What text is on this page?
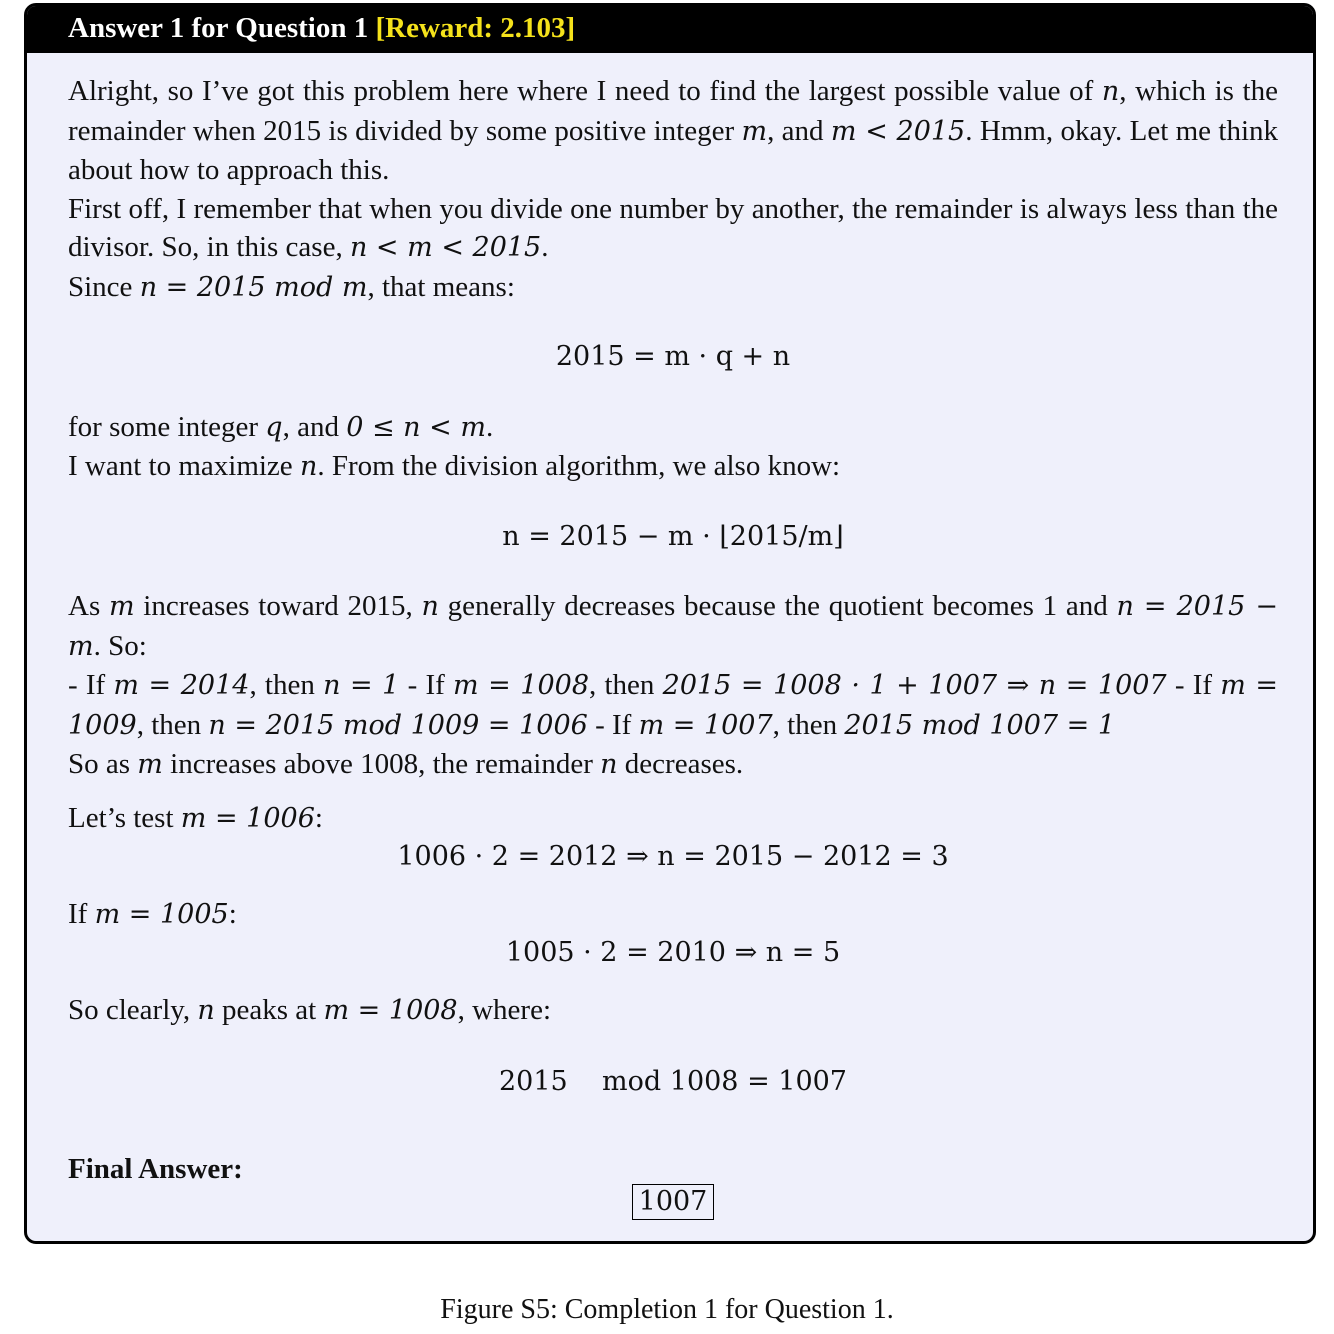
Answer 1 for Question 1 [Reward: 2.103]
Alright, so I’ve got this problem here where I need to find the largest possible value of n, which is the remainder when 2015 is divided by some positive integer m, and m < 2015. Hmm, okay. Let me think about how to approach this.
First off, I remember that when you divide one number by another, the remainder is always less than the divisor. So, in this case, n < m < 2015.
Since n = 2015 mod m, that means:
2015 = m · q + n
for some integer q, and 0 ≤ n < m.
I want to maximize n. From the division algorithm, we also know:
n = 2015 − m · ⌊2015/m⌋
As m increases toward 2015, n generally decreases because the quotient becomes 1 and n = 2015 − m. So:
- If m = 2014, then n = 1 - If m = 1008, then 2015 = 1008 · 1 + 1007 ⇒ n = 1007 - If m = 1009, then n = 2015 mod 1009 = 1006 - If m = 1007, then 2015 mod 1007 = 1
So as m increases above 1008, the remainder n decreases.
Let’s test m = 1006:
1006 · 2 = 2012 ⇒ n = 2015 − 2012 = 3
If m = 1005:
1005 · 2 = 2010 ⇒ n = 5
So clearly, n peaks at m = 1008, where:
2015    mod 1008 = 1007
Final Answer:
1007
Figure S5: Completion 1 for Question 1.
